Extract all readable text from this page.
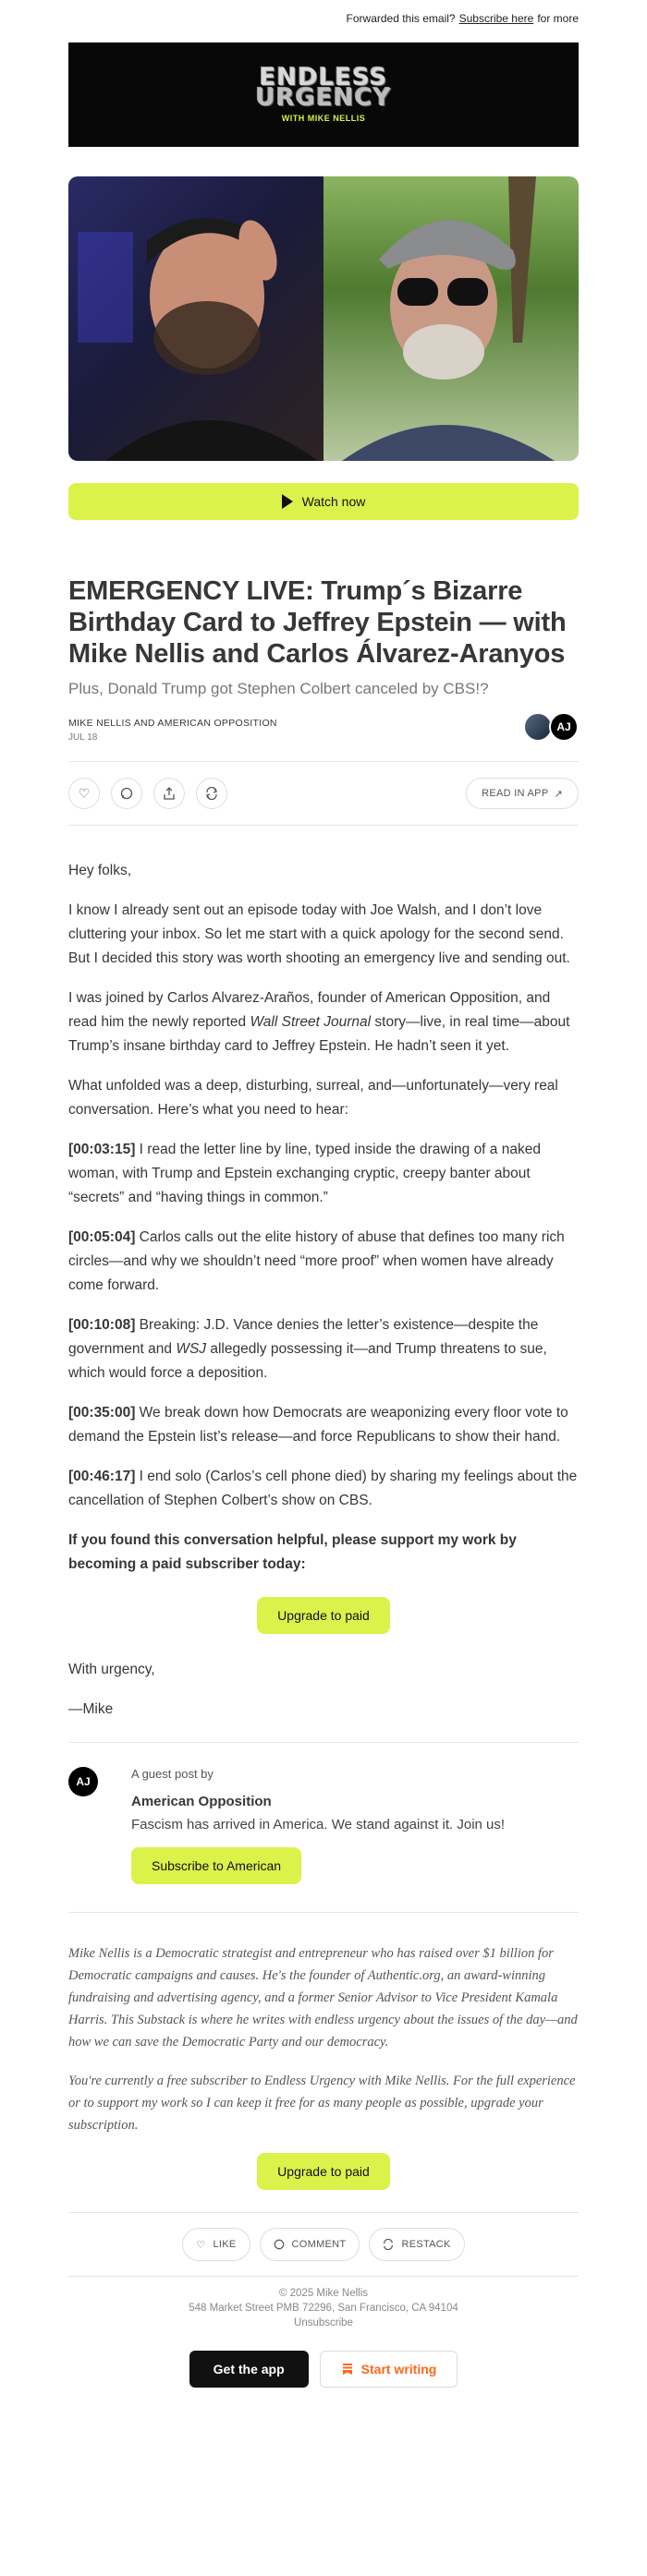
Forwarded this email? Subscribe here for more
ENDLESS
URGENCY
WITH MIKE NELLIS
Watch now
EMERGENCY LIVE: Trump´s Bizarre Birthday Card to Jeffrey Epstein — with Mike Nellis and Carlos Álvarez-Aranyos
Plus, Donald Trump got Stephen Colbert canceled by CBS!?
MIKE NELLIS AND AMERICAN OPPOSITION
JUL 18
AJ
♡	READ IN APP ↗

Hey folks,

I know I already sent out an episode today with Joe Walsh, and I don’t love cluttering your inbox. So let me start with a quick apology for the second send. But I decided this story was worth shooting an emergency live and sending out.

I was joined by Carlos Alvarez-Araños, founder of American Opposition, and read him the newly reported Wall Street Journal story—live, in real time—about Trump’s insane birthday card to Jeffrey Epstein. He hadn’t seen it yet.

What unfolded was a deep, disturbing, surreal, and—unfortunately—very real conversation. Here’s what you need to hear:

[00:03:15] I read the letter line by line, typed inside the drawing of a naked woman, with Trump and Epstein exchanging cryptic, creepy banter about “secrets” and “having things in common.”

[00:05:04] Carlos calls out the elite history of abuse that defines too many rich circles—and why we shouldn’t need “more proof” when women have already come forward.

[00:10:08] Breaking: J.D. Vance denies the letter’s existence—despite the government and WSJ allegedly possessing it—and Trump threatens to sue, which would force a deposition.

[00:35:00] We break down how Democrats are weaponizing every floor vote to demand the Epstein list’s release—and force Republicans to show their hand.

[00:46:17] I end solo (Carlos’s cell phone died) by sharing my feelings about the cancellation of Stephen Colbert’s show on CBS.

If you found this conversation helpful, please support my work by becoming a paid subscriber today:

Upgrade to paid

With urgency,

—Mike

AJ
A guest post by
American Opposition
Fascism has arrived in America. We stand against it. Join us!
Subscribe to American

Mike Nellis is a Democratic strategist and entrepreneur who has raised over $1 billion for Democratic campaigns and causes. He's the founder of Authentic.org, an award-winning fundraising and advertising agency, and a former Senior Advisor to Vice President Kamala Harris. This Substack is where he writes with endless urgency about the issues of the day—and how we can save the Democratic Party and our democracy.

You're currently a free subscriber to Endless Urgency with Mike Nellis. For the full experience or to support my work so I can keep it free for as many people as possible, upgrade your subscription.

Upgrade to paid
♡ LIKE	COMMENT	RESTACK
© 2025 Mike Nellis
548 Market Street PMB 72296, San Francisco, CA 94104
Unsubscribe
Get the app	Start writing
